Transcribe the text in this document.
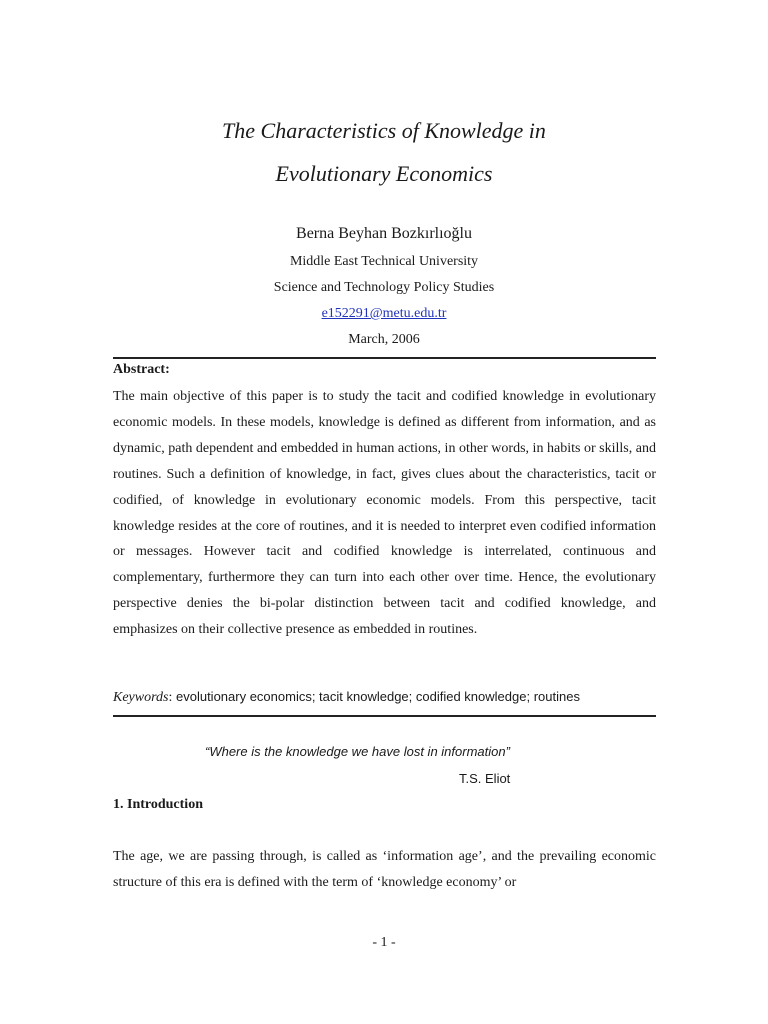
The Characteristics of Knowledge in
Evolutionary Economics
Berna Beyhan Bozkırlıoğlu
Middle East Technical University
Science and Technology Policy Studies
e152291@metu.edu.tr
March, 2006
Abstract:

The main objective of this paper is to study the tacit and codified knowledge in evolutionary economic models. In these models, knowledge is defined as different from information, and as dynamic, path dependent and embedded in human actions, in other words, in habits or skills, and routines. Such a definition of knowledge, in fact, gives clues about the characteristics, tacit or codified, of knowledge in evolutionary economic models. From this perspective, tacit knowledge resides at the core of routines, and it is needed to interpret even codified information or messages. However tacit and codified knowledge is interrelated, continuous and complementary, furthermore they can turn into each other over time. Hence, the evolutionary perspective denies the bi-polar distinction between tacit and codified knowledge, and emphasizes on their collective presence as embedded in routines.

Keywords: evolutionary economics; tacit knowledge; codified knowledge; routines
“Where is the knowledge we have lost in information”
T.S. Eliot
1. Introduction

The age, we are passing through, is called as ‘information age’, and the prevailing economic structure of this era is defined with the term of ‘knowledge economy’ or

- 1 -
